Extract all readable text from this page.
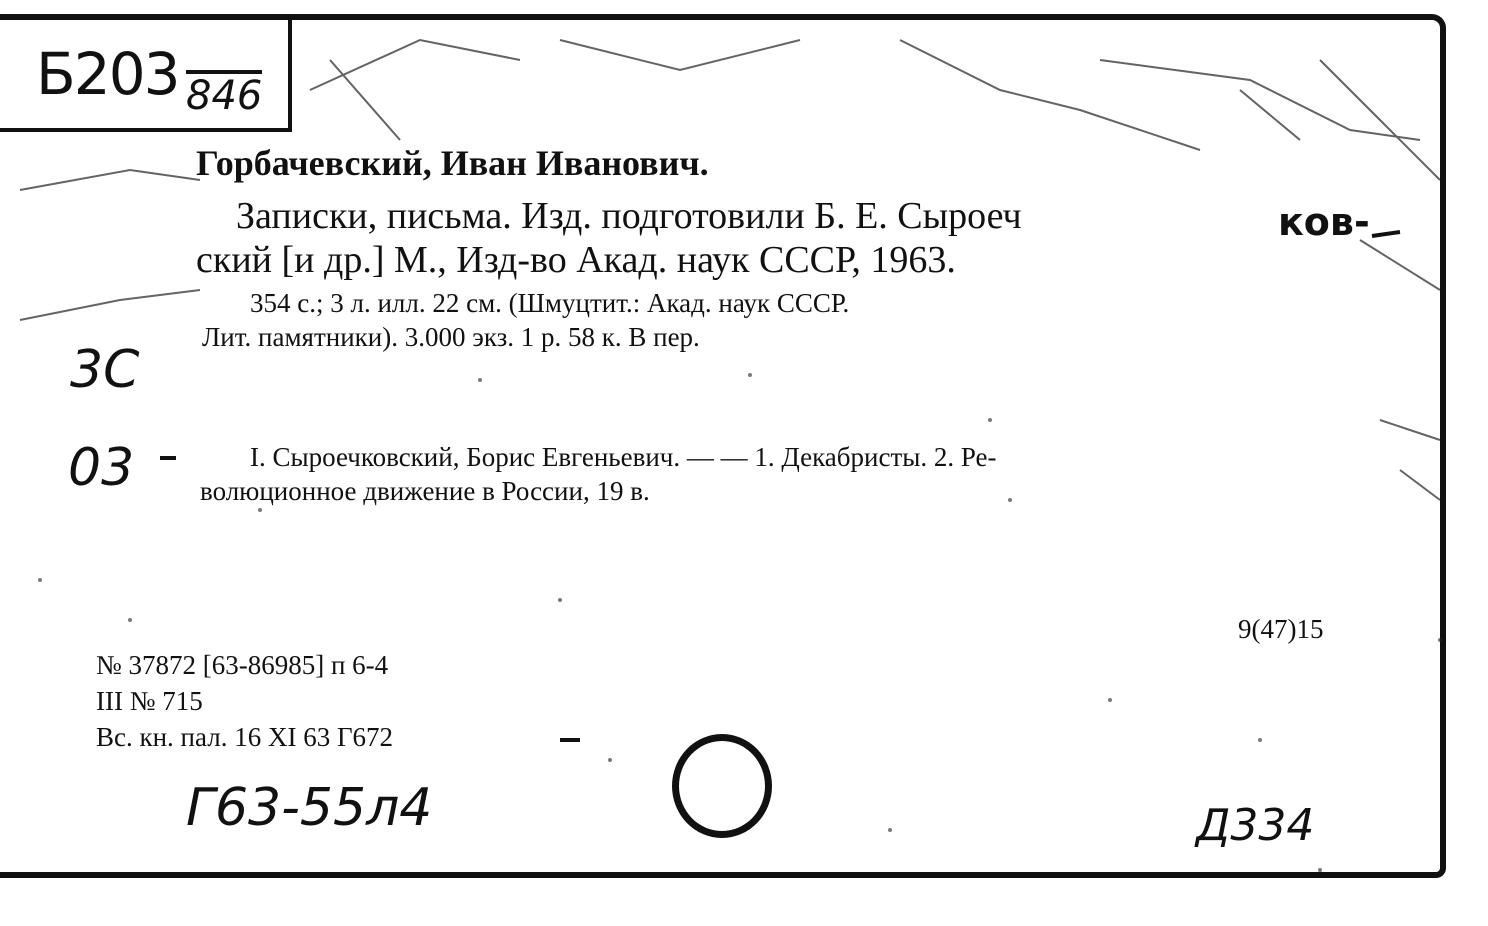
Б203 846
3С
03
Горбачевский, Иван Иванович.
Записки, письма. Изд. подготовили Б. Е. Сыроеч	ков-
ский [и др.] М., Изд-во Акад. наук СССР, 1963.
354 с.; 3 л. илл. 22 см. (Шмуцтит.: Акад. наук СССР.
Лит. памятники). 3.000 экз. 1 р. 58 к. В пер.
I. Сыроечковский, Борис Евгеньевич. — — 1. Декабристы. 2. Ре-
волюционное движение в России, 19 в.
9(47)15
№ 37872 [63-86985] п 6-4
III № 715
Вс. кн. пал. 16 XI 63 Г672
Г63-55л4	Д334
